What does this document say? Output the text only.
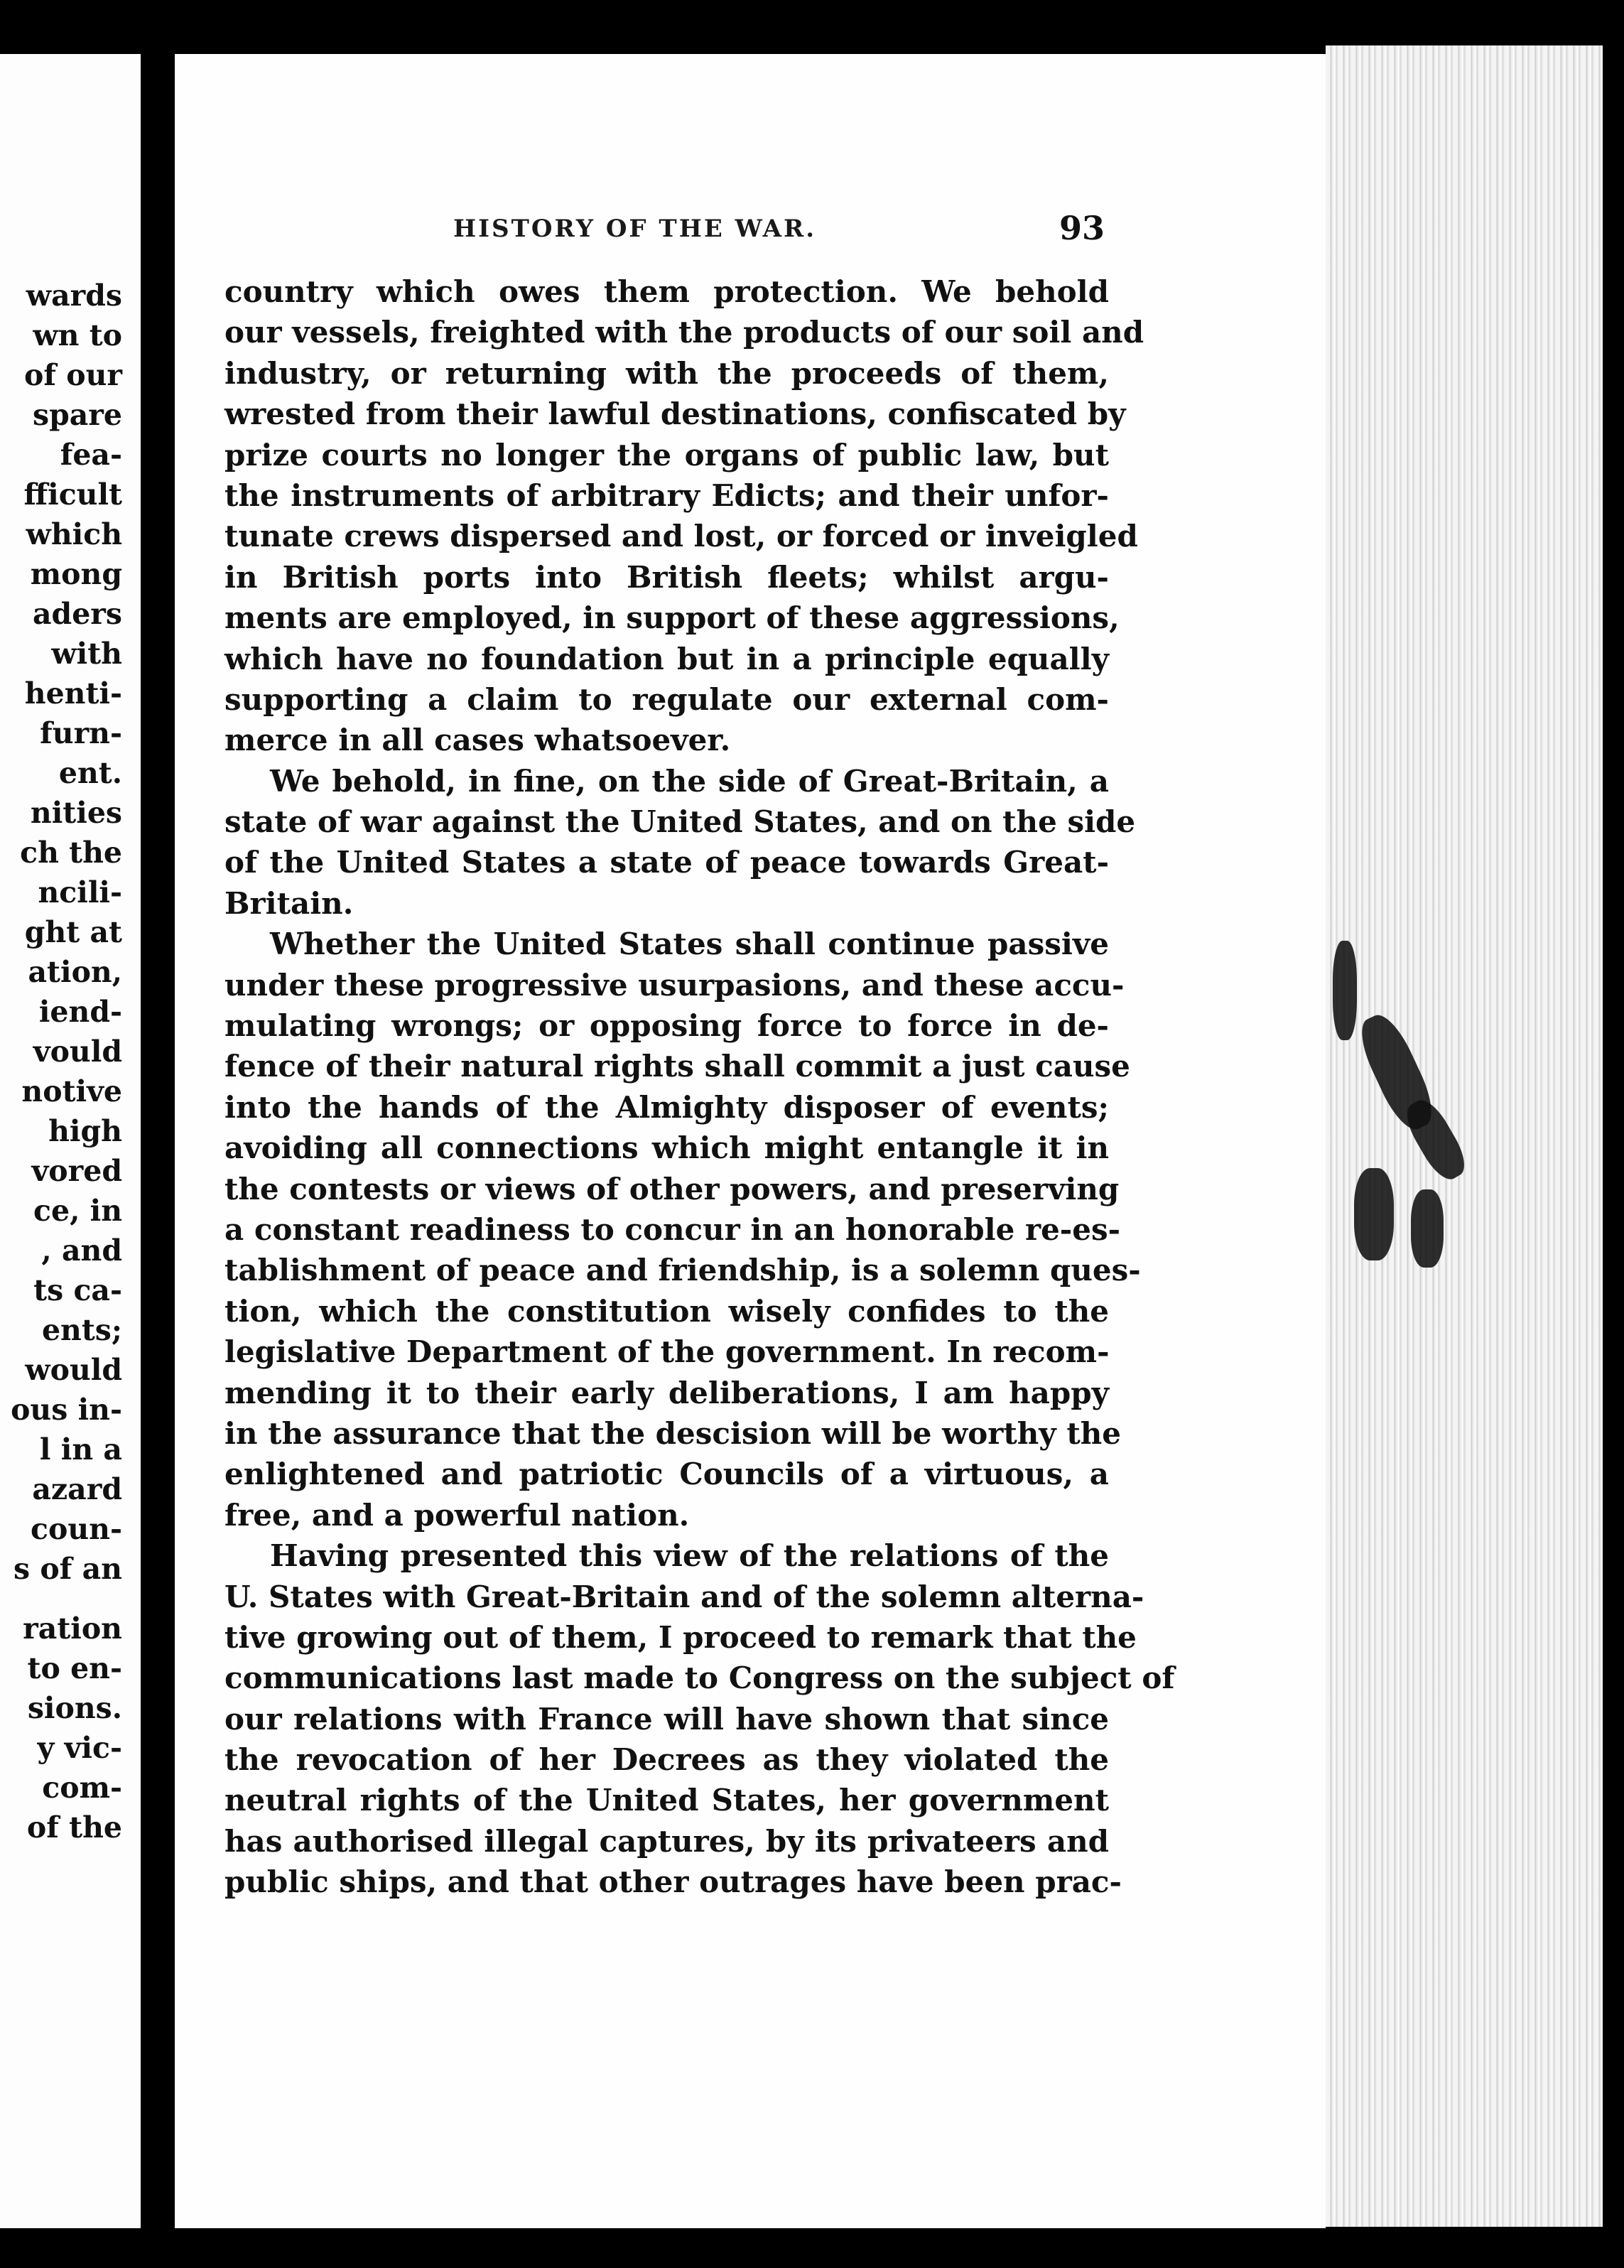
wards
wn to
of our
spare
fea-
fficult
which
mong
aders
with
henti-
furn-
ent.
nities
ch the
ncili-
ght at
ation,
iend-
vould
notive
high
vored
ce, in
, and
ts ca-
ents;
would
ous in-
l in a
azard
coun-
s of an
ration
to en-
sions.
y vic-
com-
of the
HISTORY OF THE WAR.	93
country which owes them protection. We behold
our vessels, freighted with the products of our soil and
industry, or returning with the proceeds of them,
wrested from their lawful destinations, confiscated by
prize courts no longer the organs of public law, but
the instruments of arbitrary Edicts; and their unfor-
tunate crews dispersed and lost, or forced or inveigled
in British ports into British fleets; whilst argu-
ments are employed, in support of these aggressions,
which have no foundation but in a principle equally
supporting a claim to regulate our external com-
merce in all cases whatsoever.
We behold, in fine, on the side of Great-Britain, a
state of war against the United States, and on the side
of the United States a state of peace towards Great-
Britain.
Whether the United States shall continue passive
under these progressive usurpasions, and these accu-
mulating wrongs; or opposing force to force in de-
fence of their natural rights shall commit a just cause
into the hands of the Almighty disposer of events;
avoiding all connections which might entangle it in
the contests or views of other powers, and preserving
a constant readiness to concur in an honorable re-es-
tablishment of peace and friendship, is a solemn ques-
tion, which the constitution wisely confides to the
legislative Department of the government. In recom-
mending it to their early deliberations, I am happy
in the assurance that the descision will be worthy the
enlightened and patriotic Councils of a virtuous, a
free, and a powerful nation.
Having presented this view of the relations of the
U. States with Great-Britain and of the solemn alterna-
tive growing out of them, I proceed to remark that the
communications last made to Congress on the subject of
our relations with France will have shown that since
the revocation of her Decrees as they violated the
neutral rights of the United States, her government
has authorised illegal captures, by its privateers and
public ships, and that other outrages have been prac-
